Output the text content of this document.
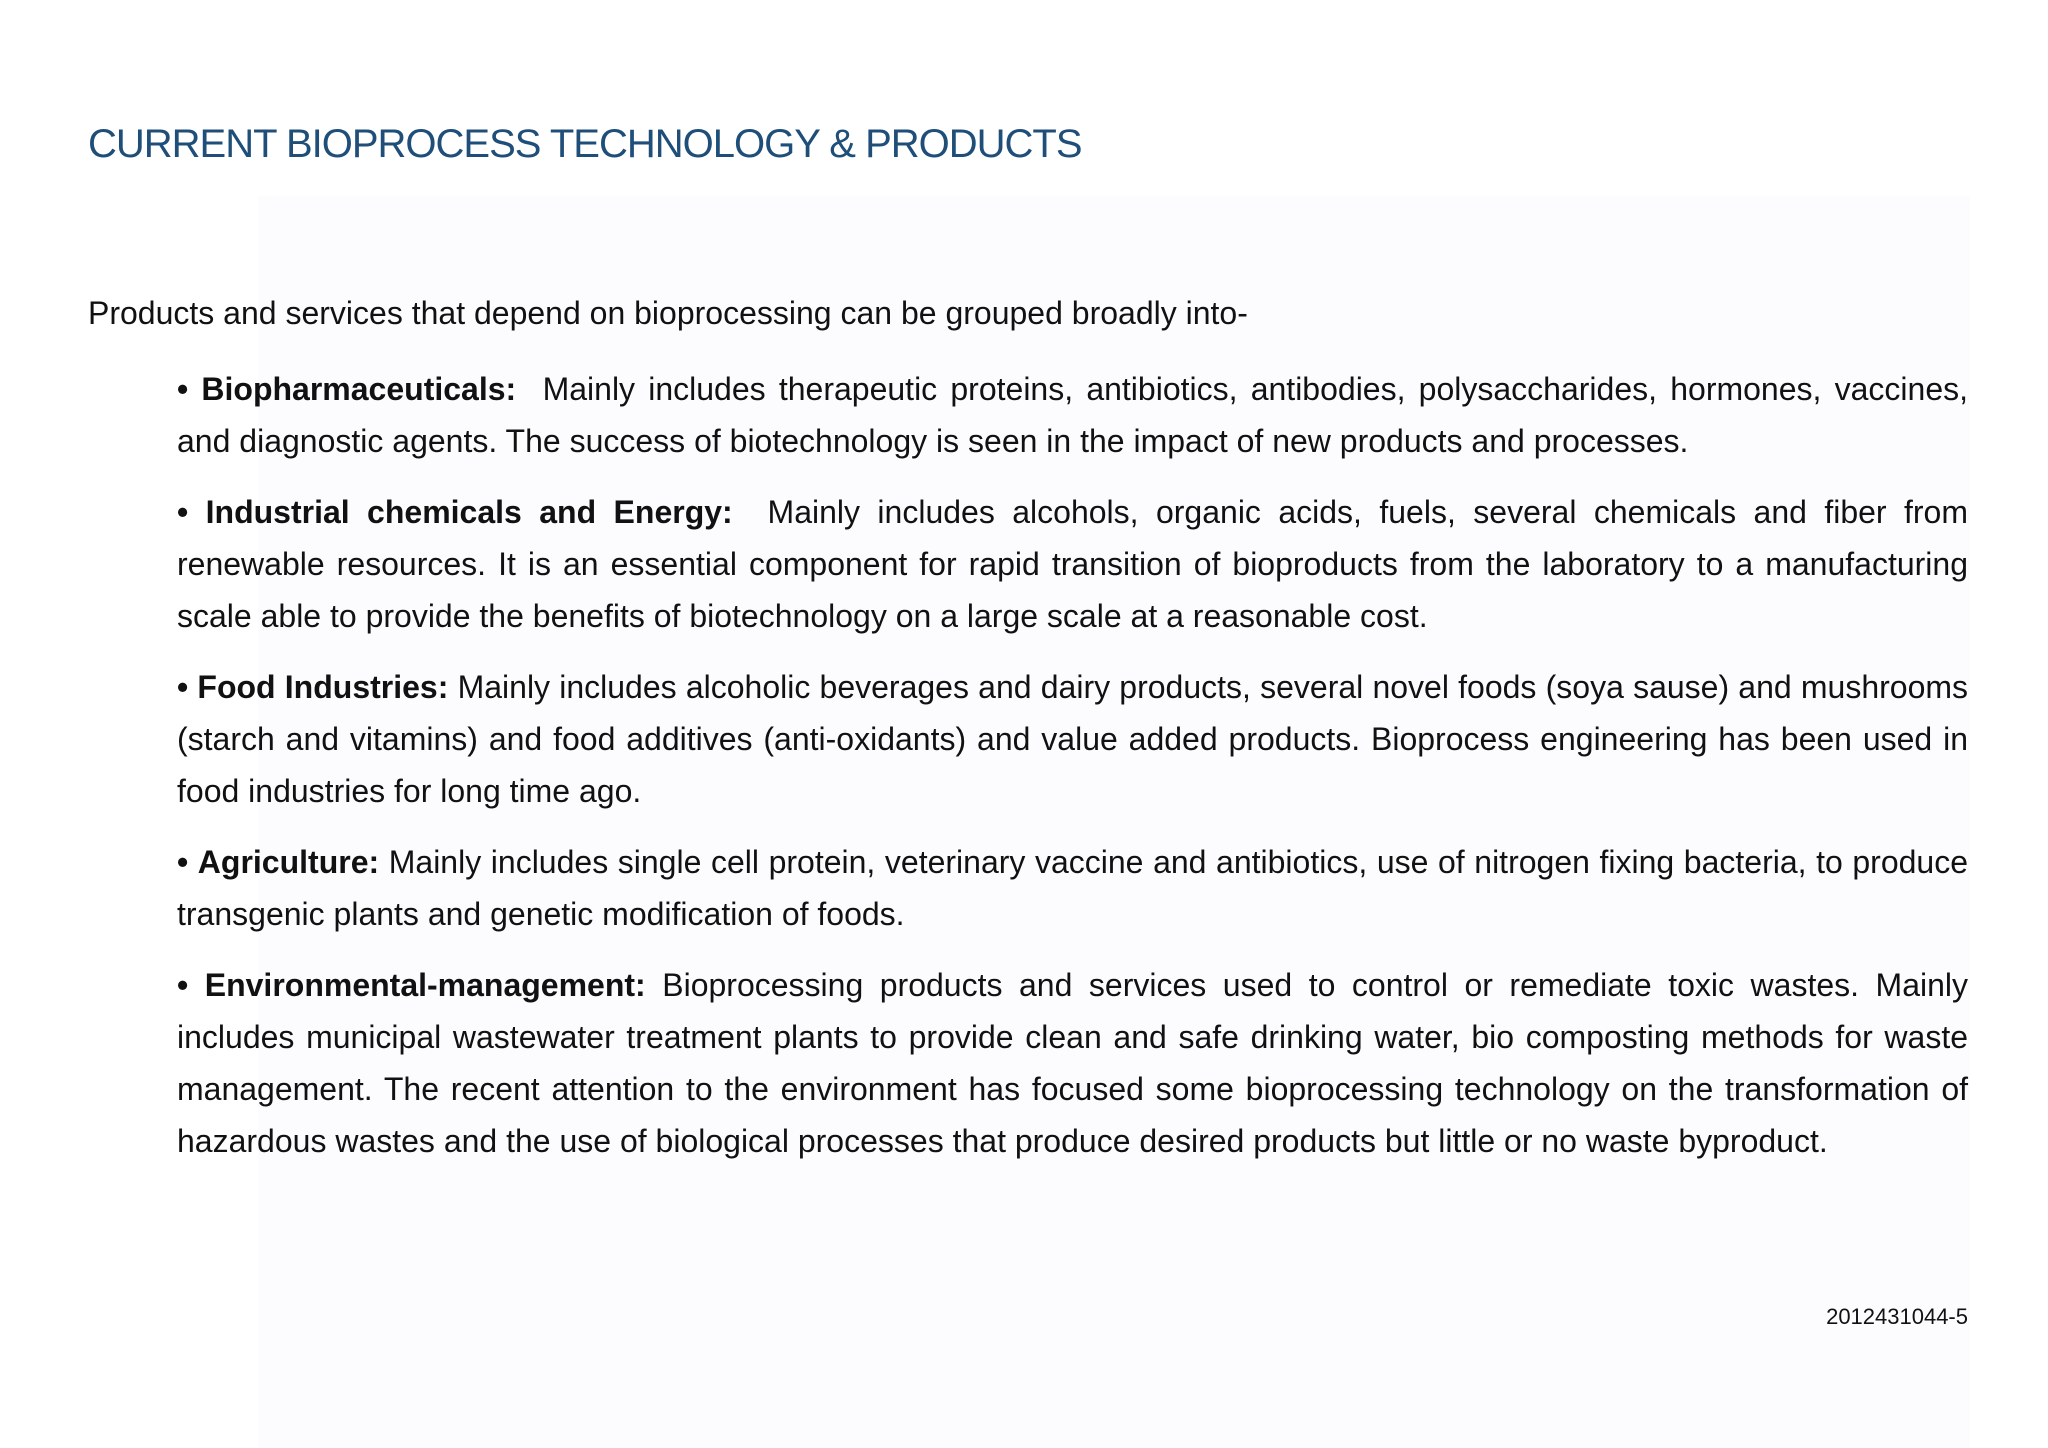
CURRENT BIOPROCESS TECHNOLOGY & PRODUCTS

Products and services that depend on bioprocessing can be grouped broadly into-

• Biopharmaceuticals: Mainly includes therapeutic proteins, antibiotics, antibodies, polysaccharides, hormones, vaccines, and diagnostic agents. The success of biotechnology is seen in the impact of new products and processes.
• Industrial chemicals and Energy: Mainly includes alcohols, organic acids, fuels, several chemicals and fiber from renewable resources. It is an essential component for rapid transition of bioproducts from the laboratory to a manufacturing scale able to provide the benefits of biotechnology on a large scale at a reasonable cost.
• Food Industries: Mainly includes alcoholic beverages and dairy products, several novel foods (soya sause) and mushrooms (starch and vitamins) and food additives (anti-oxidants) and value added products. Bioprocess engineering has been used in food industries for long time ago.
• Agriculture: Mainly includes single cell protein, veterinary vaccine and antibiotics, use of nitrogen fixing bacteria, to produce transgenic plants and genetic modification of foods.
• Environmental-management: Bioprocessing products and services used to control or remediate toxic wastes. Mainly includes municipal wastewater treatment plants to provide clean and safe drinking water, bio composting methods for waste management. The recent attention to the environment has focused some bioprocessing technology on the transformation of hazardous wastes and the use of biological processes that produce desired products but little or no waste byproduct.

2012431044-5
